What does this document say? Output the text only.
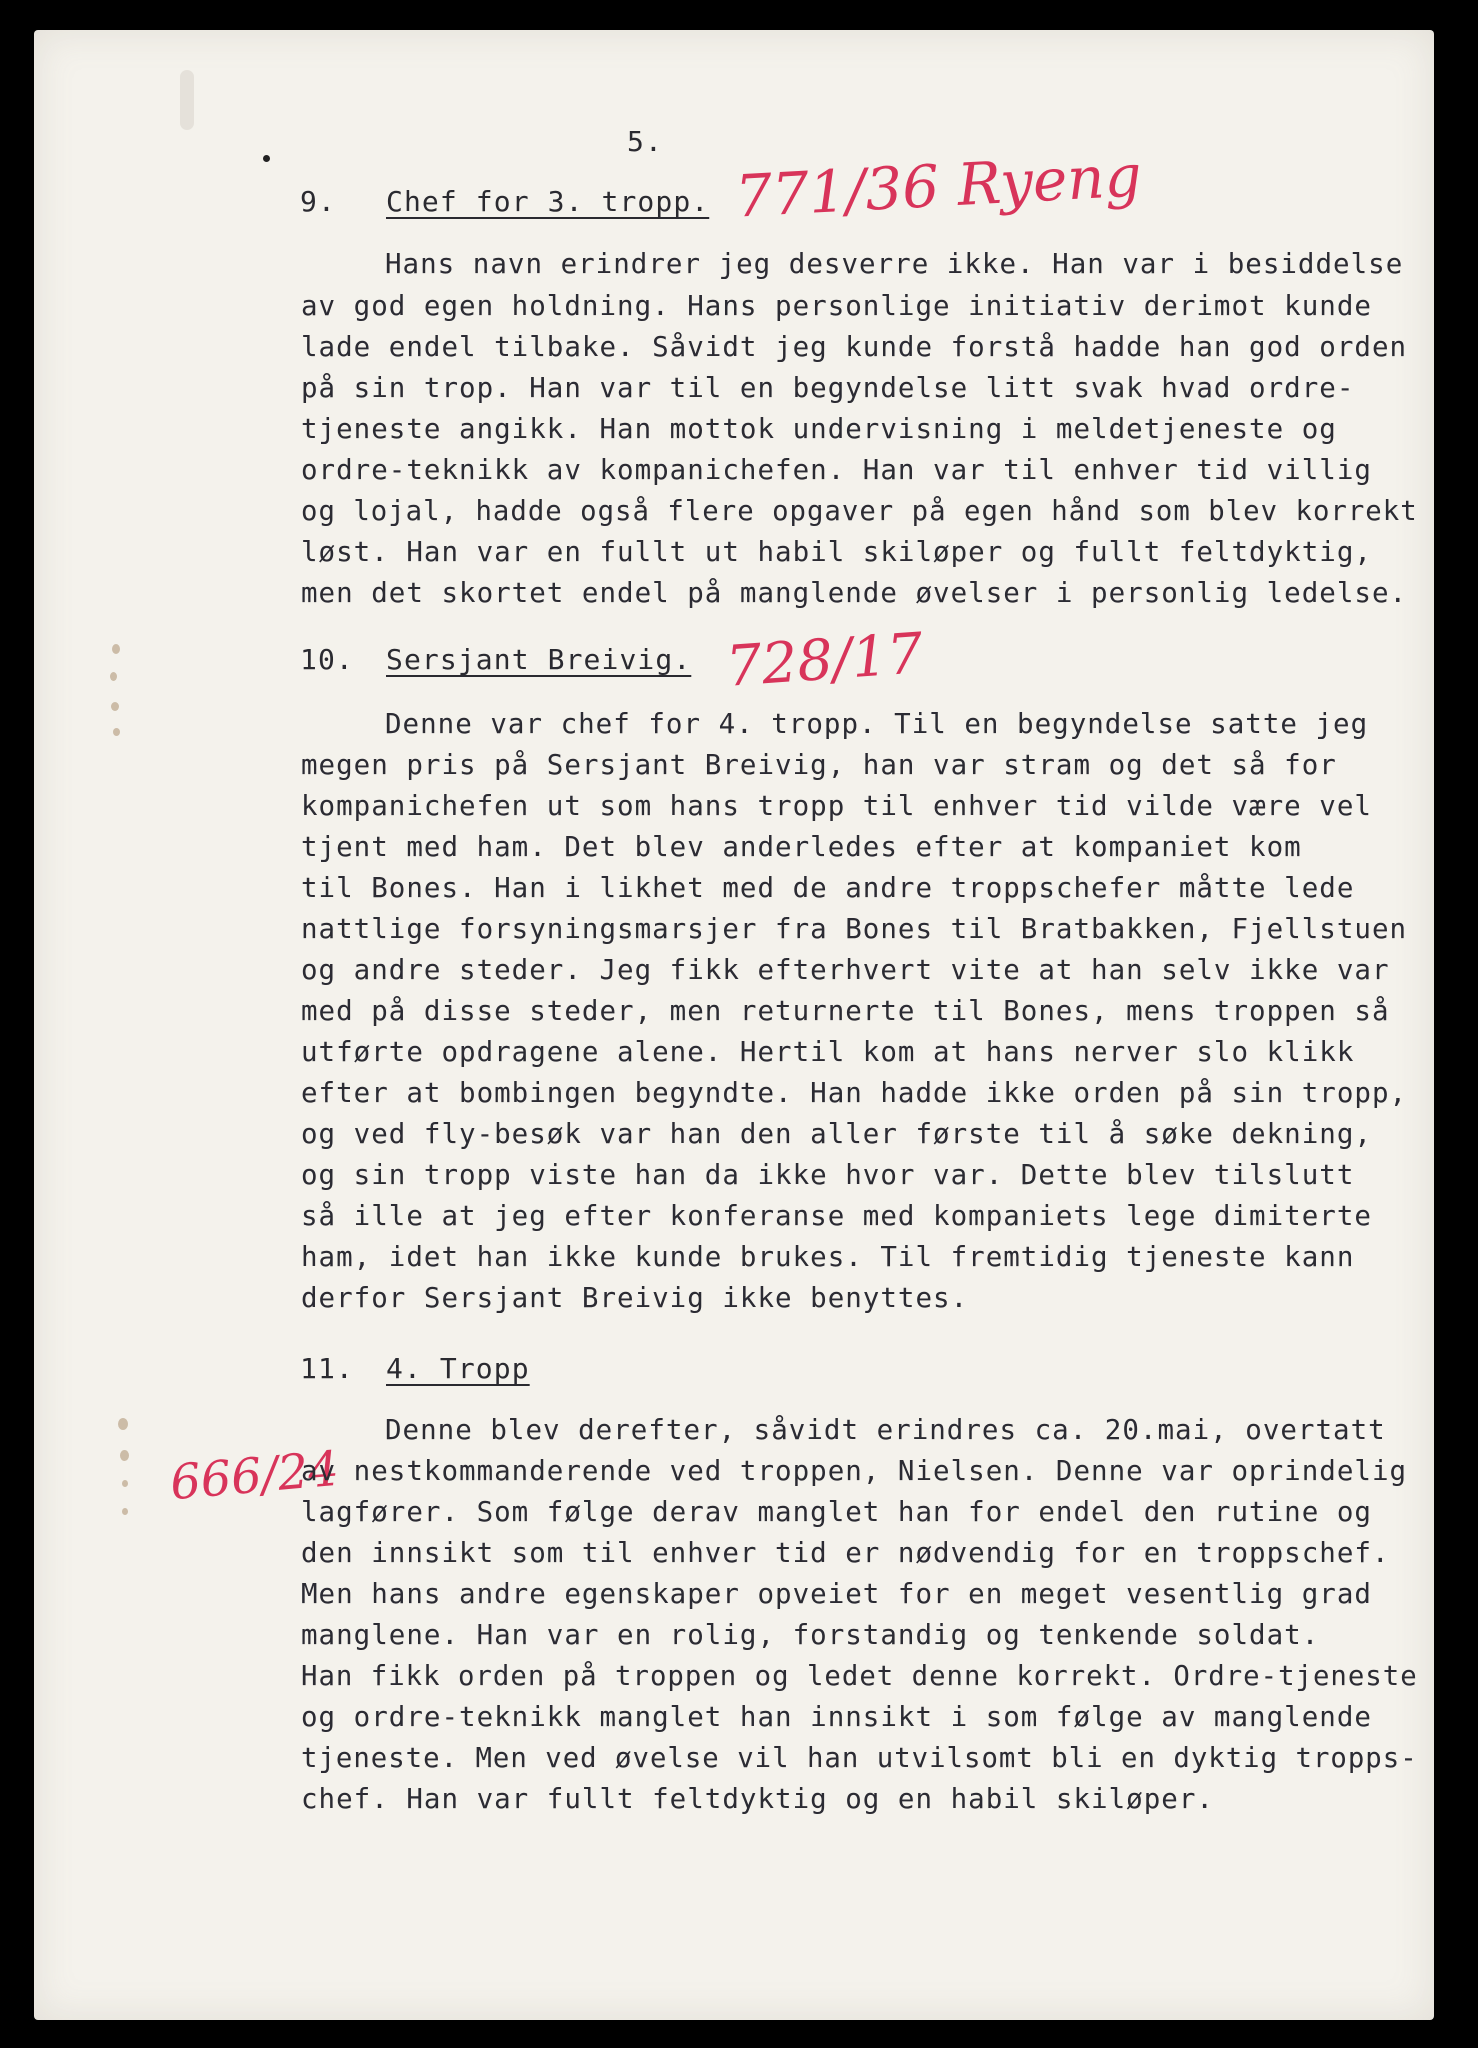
5.
9. Chef for 3. tropp. 771/36 Ryeng
Hans navn erindrer jeg desverre ikke. Han var i besiddelse
av god egen holdning. Hans personlige initiativ derimot kunde
lade endel tilbake. Såvidt jeg kunde forstå hadde han god orden
på sin trop. Han var til en begyndelse litt svak hvad ordre-
tjeneste angikk. Han mottok undervisning i meldetjeneste og
ordre-teknikk av kompanichefen. Han var til enhver tid villig
og lojal, hadde også flere opgaver på egen hånd som blev korrekt
løst. Han var en fullt ut habil skiløper og fullt feltdyktig,
men det skortet endel på manglende øvelser i personlig ledelse.
10. Sersjant Breivig. 728/17
Denne var chef for 4. tropp. Til en begyndelse satte jeg
megen pris på Sersjant Breivig, han var stram og det så for
kompanichefen ut som hans tropp til enhver tid vilde være vel
tjent med ham. Det blev anderledes efter at kompaniet kom
til Bones. Han i likhet med de andre troppschefer måtte lede
nattlige forsyningsmarsjer fra Bones til Bratbakken, Fjellstuen
og andre steder. Jeg fikk efterhvert vite at han selv ikke var
med på disse steder, men returnerte til Bones, mens troppen så
utførte opdragene alene. Hertil kom at hans nerver slo klikk
efter at bombingen begyndte. Han hadde ikke orden på sin tropp,
og ved fly-besøk var han den aller første til å søke dekning,
og sin tropp viste han da ikke hvor var. Dette blev tilslutt
så ille at jeg efter konferanse med kompaniets lege dimiterte
ham, idet han ikke kunde brukes. Til fremtidig tjeneste kann
derfor Sersjant Breivig ikke benyttes.
11. 4. Tropp
666/24
Denne blev derefter, såvidt erindres ca. 20.mai, overtatt
av nestkommanderende ved troppen, Nielsen. Denne var oprindelig
lagfører. Som følge derav manglet han for endel den rutine og
den innsikt som til enhver tid er nødvendig for en troppschef.
Men hans andre egenskaper opveiet for en meget vesentlig grad
manglene. Han var en rolig, forstandig og tenkende soldat.
Han fikk orden på troppen og ledet denne korrekt. Ordre-tjeneste
og ordre-teknikk manglet han innsikt i som følge av manglende
tjeneste. Men ved øvelse vil han utvilsomt bli en dyktig tropps-
chef. Han var fullt feltdyktig og en habil skiløper.
